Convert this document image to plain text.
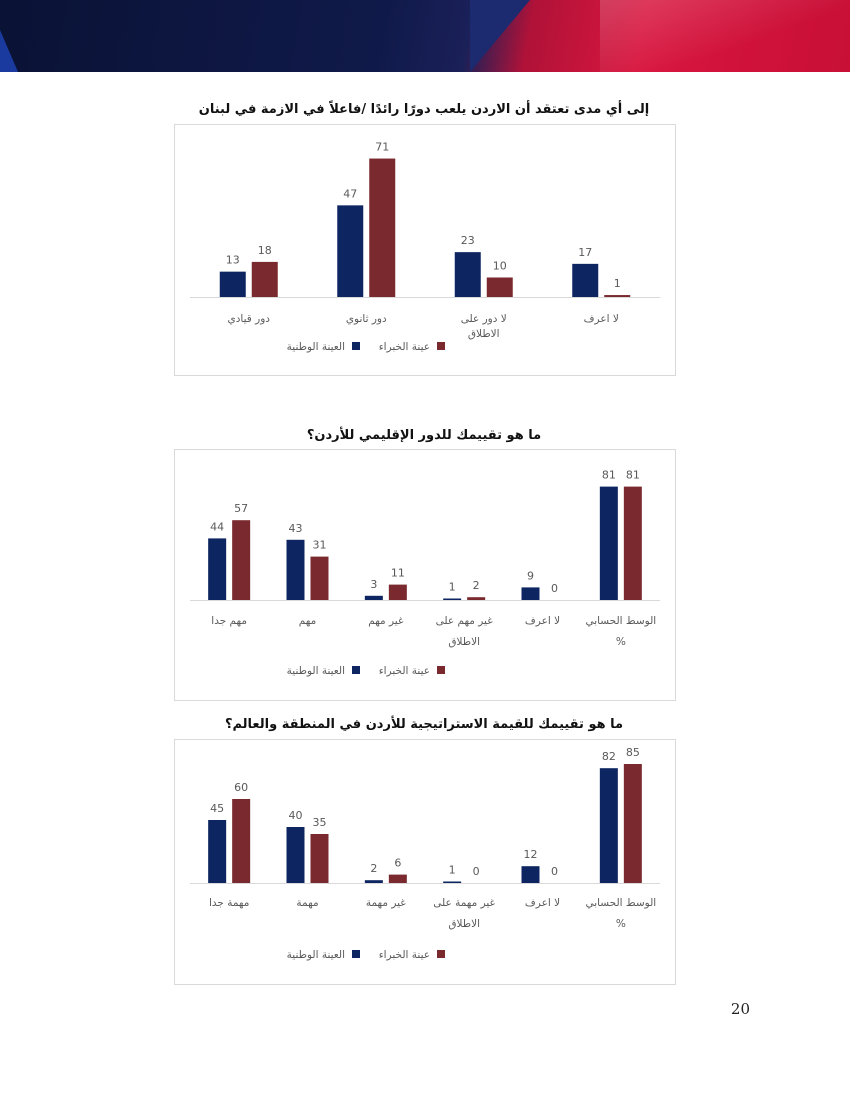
إلى أي مدى تعتقد أن الاردن يلعب دورًا رائدًا /فاعلاً في الازمة في لبنان
13
18
دور قيادي
47
71
دور ثانوي
23
10
لا دور على
الاطلاق
17
1
لا اعرف
العينة الوطنية	عينة الخبراء
ما هو تقييمك للدور الإقليمي للأردن؟
44
57
مهم جدا
43
31
مهم
3
11
غير مهم
1 2
غير مهم على
الاطلاق
9
0
لا اعرف
81 81
الوسط الحسابي
%
العينة الوطنية	عينة الخبراء
ما هو تقييمك للقيمة الاستراتيجية للأردن في المنطقة والعالم؟
45
60
مهمة جدا
40
35
مهمة
2 6
غير مهمة
1 0
غير مهمة على
الاطلاق
12
0
لا اعرف
82 85
الوسط الحسابي
%
العينة الوطنية	عينة الخبراء
20
